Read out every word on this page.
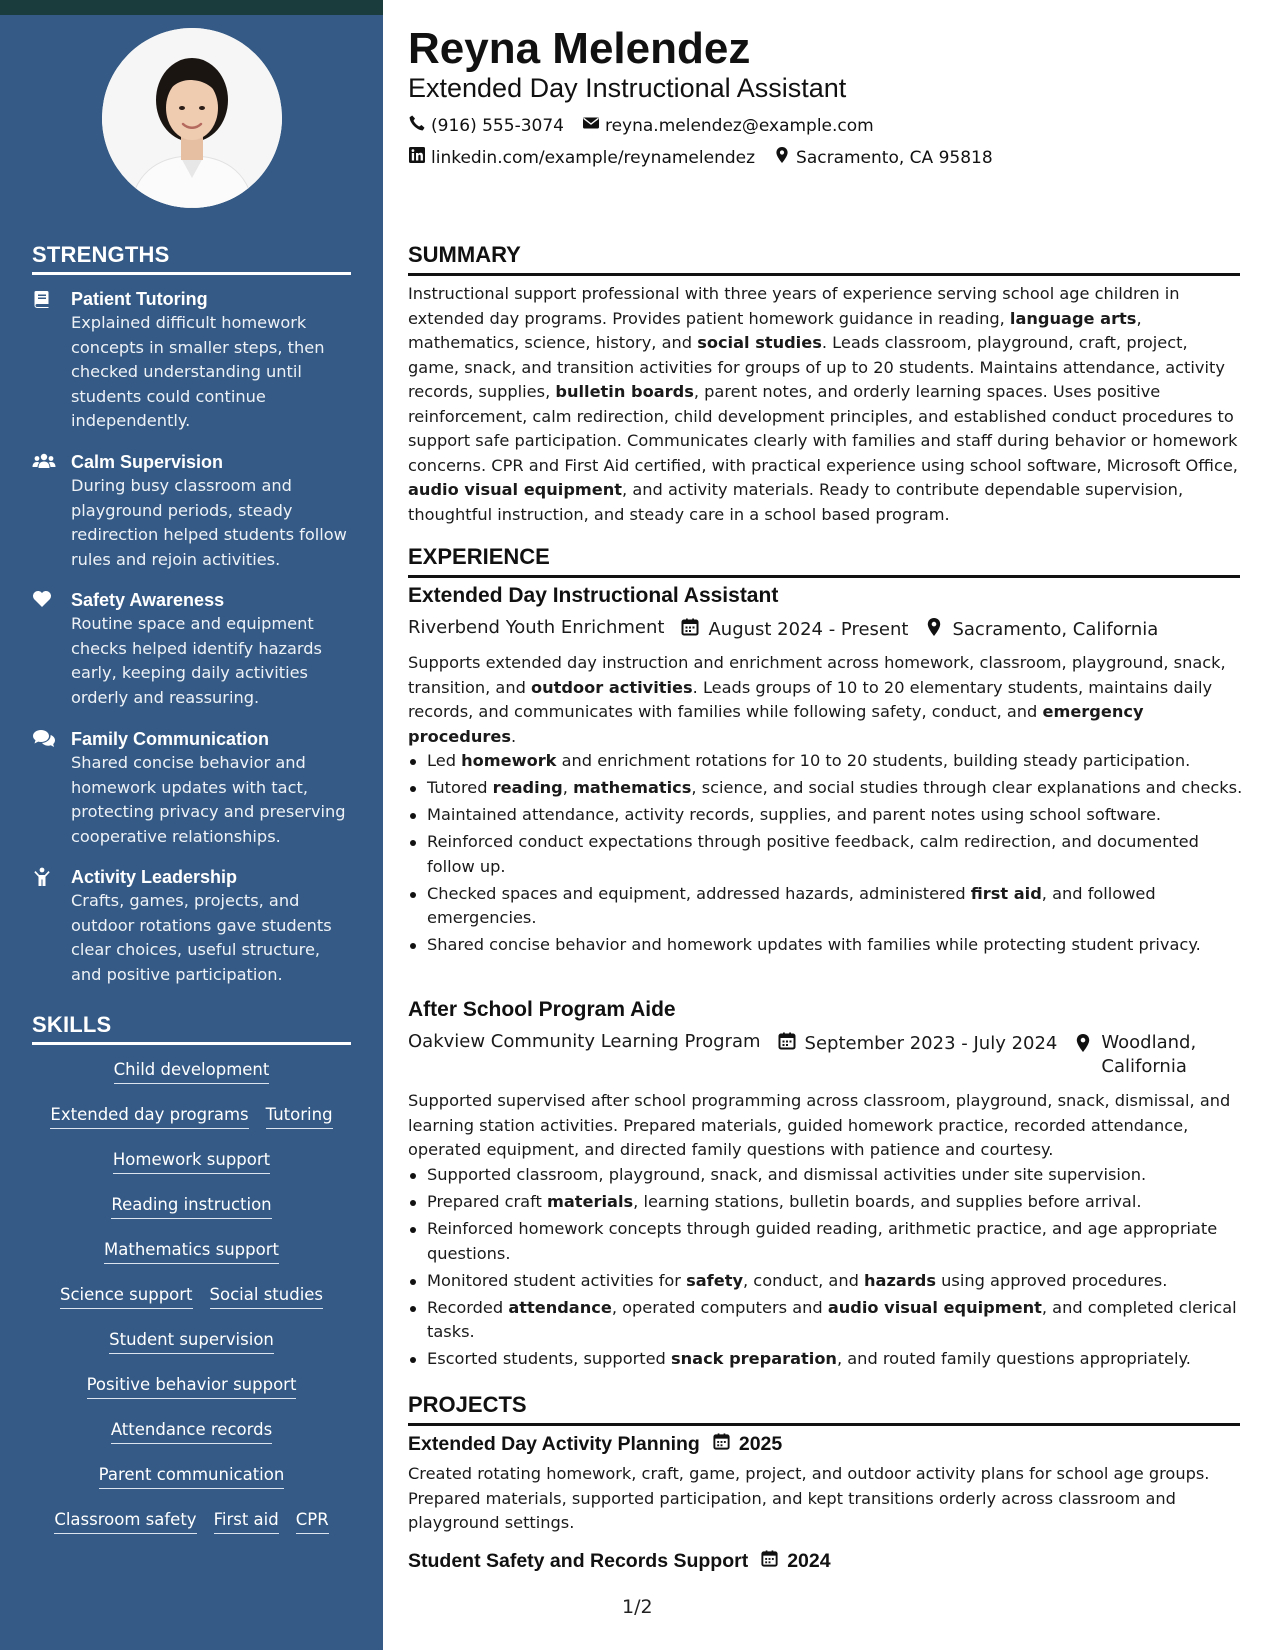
STRENGTHS
Patient Tutoring
Explained difficult homework concepts in smaller steps, then checked understanding until students could continue independently.
Calm Supervision
During busy classroom and playground periods, steady redirection helped students follow rules and rejoin activities.
Safety Awareness
Routine space and equipment checks helped identify hazards early, keeping daily activities orderly and reassuring.
Family Communication
Shared concise behavior and homework updates with tact, protecting privacy and preserving cooperative relationships.
Activity Leadership
Crafts, games, projects, and outdoor rotations gave students clear choices, useful structure, and positive participation.
SKILLS
Child development
Extended day programs Tutoring
Homework support
Reading instruction
Mathematics support
Science support Social studies
Student supervision
Positive behavior support
Attendance records
Parent communication
Classroom safety First aid CPR
Reyna Melendez
Extended Day Instructional Assistant
(916) 555-3074 reyna.melendez@example.com
linkedin.com/example/reynamelendez Sacramento, CA 95818
SUMMARY
Instructional support professional with three years of experience serving school age children in extended day programs. Provides patient homework guidance in reading, language arts, mathematics, science, history, and social studies. Leads classroom, playground, craft, project, game, snack, and transition activities for groups of up to 20 students. Maintains attendance, activity records, supplies, bulletin boards, parent notes, and orderly learning spaces. Uses positive reinforcement, calm redirection, child development principles, and established conduct procedures to support safe participation. Communicates clearly with families and staff during behavior or homework concerns. CPR and First Aid certified, with practical experience using school software, Microsoft Office, audio visual equipment, and activity materials. Ready to contribute dependable supervision, thoughtful instruction, and steady care in a school based program.
EXPERIENCE
Extended Day Instructional Assistant
Riverbend Youth Enrichment August 2024 - Present Sacramento, California
Supports extended day instruction and enrichment across homework, classroom, playground, snack, transition, and outdoor activities. Leads groups of 10 to 20 elementary students, maintains daily records, and communicates with families while following safety, conduct, and emergency procedures.
Led homework and enrichment rotations for 10 to 20 students, building steady participation.
Tutored reading, mathematics, science, and social studies through clear explanations and checks.
Maintained attendance, activity records, supplies, and parent notes using school software.
Reinforced conduct expectations through positive feedback, calm redirection, and documented follow up.
Checked spaces and equipment, addressed hazards, administered first aid, and followed emergencies.
Shared concise behavior and homework updates with families while protecting student privacy.
After School Program Aide
Oakview Community Learning Program September 2023 - July 2024 Woodland, California
Supported supervised after school programming across classroom, playground, snack, dismissal, and learning station activities. Prepared materials, guided homework practice, recorded attendance, operated equipment, and directed family questions with patience and courtesy.
Supported classroom, playground, snack, and dismissal activities under site supervision.
Prepared craft materials, learning stations, bulletin boards, and supplies before arrival.
Reinforced homework concepts through guided reading, arithmetic practice, and age appropriate questions.
Monitored student activities for safety, conduct, and hazards using approved procedures.
Recorded attendance, operated computers and audio visual equipment, and completed clerical tasks.
Escorted students, supported snack preparation, and routed family questions appropriately.
PROJECTS
Extended Day Activity Planning 2025
Created rotating homework, craft, game, project, and outdoor activity plans for school age groups. Prepared materials, supported participation, and kept transitions orderly across classroom and playground settings.
Student Safety and Records Support 2024
1/2
